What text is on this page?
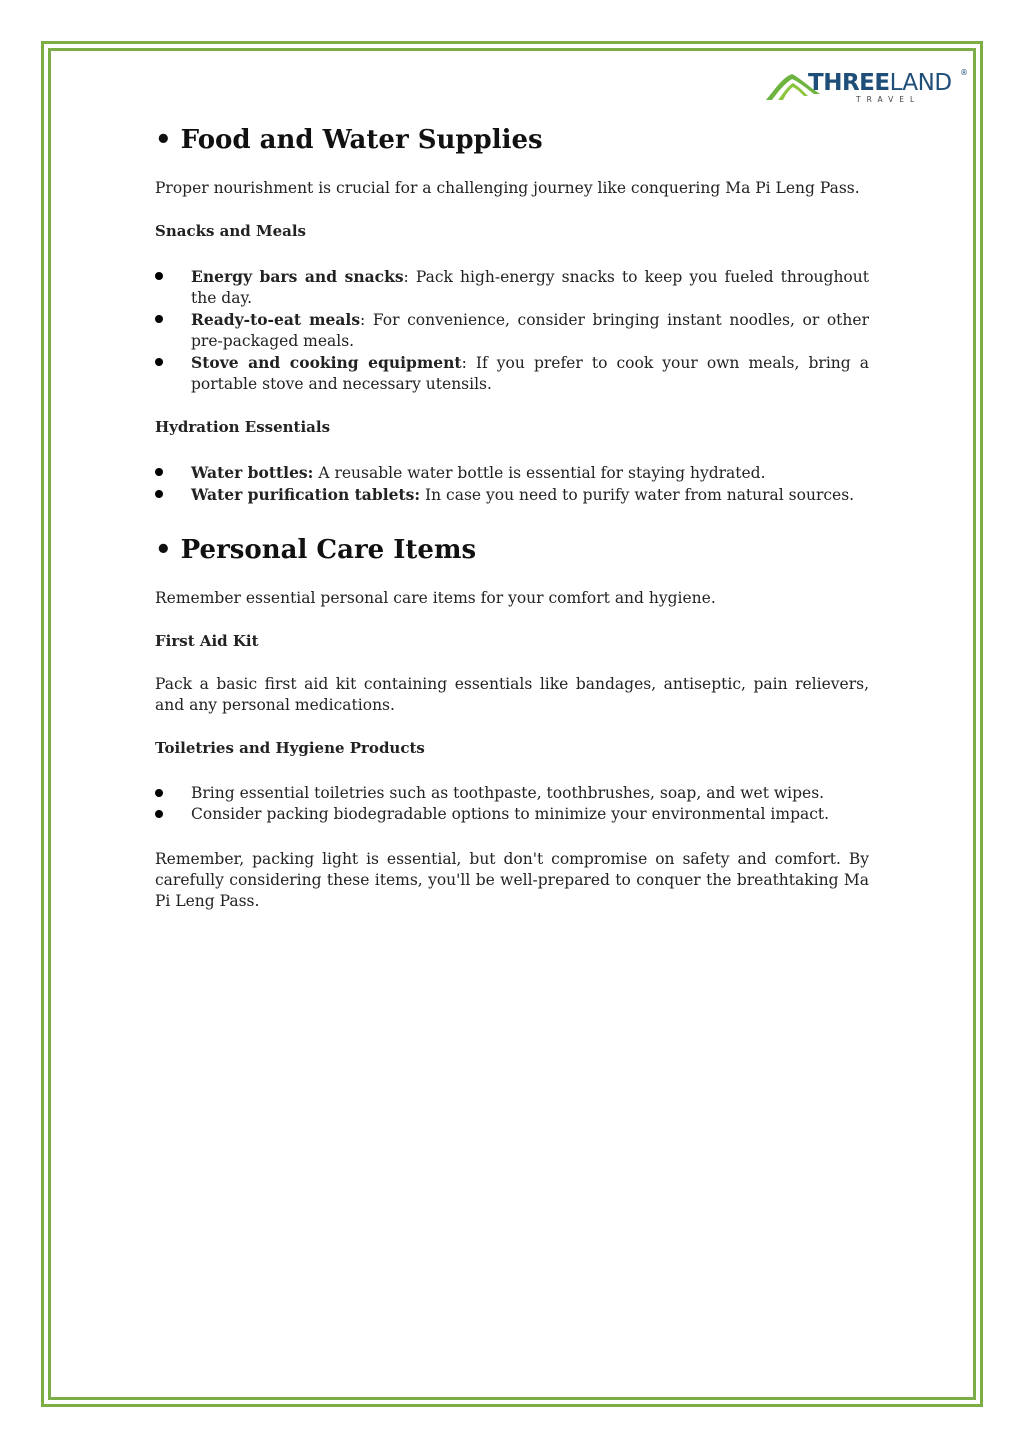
THREELAND ®
TRAVEL
• Food and Water Supplies

Proper nourishment is crucial for a challenging journey like conquering Ma Pi Leng Pass.

Snacks and Meals

Energy bars and snacks: Pack high-energy snacks to keep you fueled throughout the day.
Ready-to-eat meals: For convenience, consider bringing instant noodles, or other pre-packaged meals.
Stove and cooking equipment: If you prefer to cook your own meals, bring a portable stove and necessary utensils.

Hydration Essentials

Water bottles: A reusable water bottle is essential for staying hydrated.
Water purification tablets: In case you need to purify water from natural sources.
• Personal Care Items

Remember essential personal care items for your comfort and hygiene.

First Aid Kit

Pack a basic first aid kit containing essentials like bandages, antiseptic, pain relievers, and any personal medications.

Toiletries and Hygiene Products

Bring essential toiletries such as toothpaste, toothbrushes, soap, and wet wipes.
Consider packing biodegradable options to minimize your environmental impact.

Remember, packing light is essential, but don't compromise on safety and comfort. By carefully considering these items, you'll be well-prepared to conquer the breathtaking Ma Pi Leng Pass.
